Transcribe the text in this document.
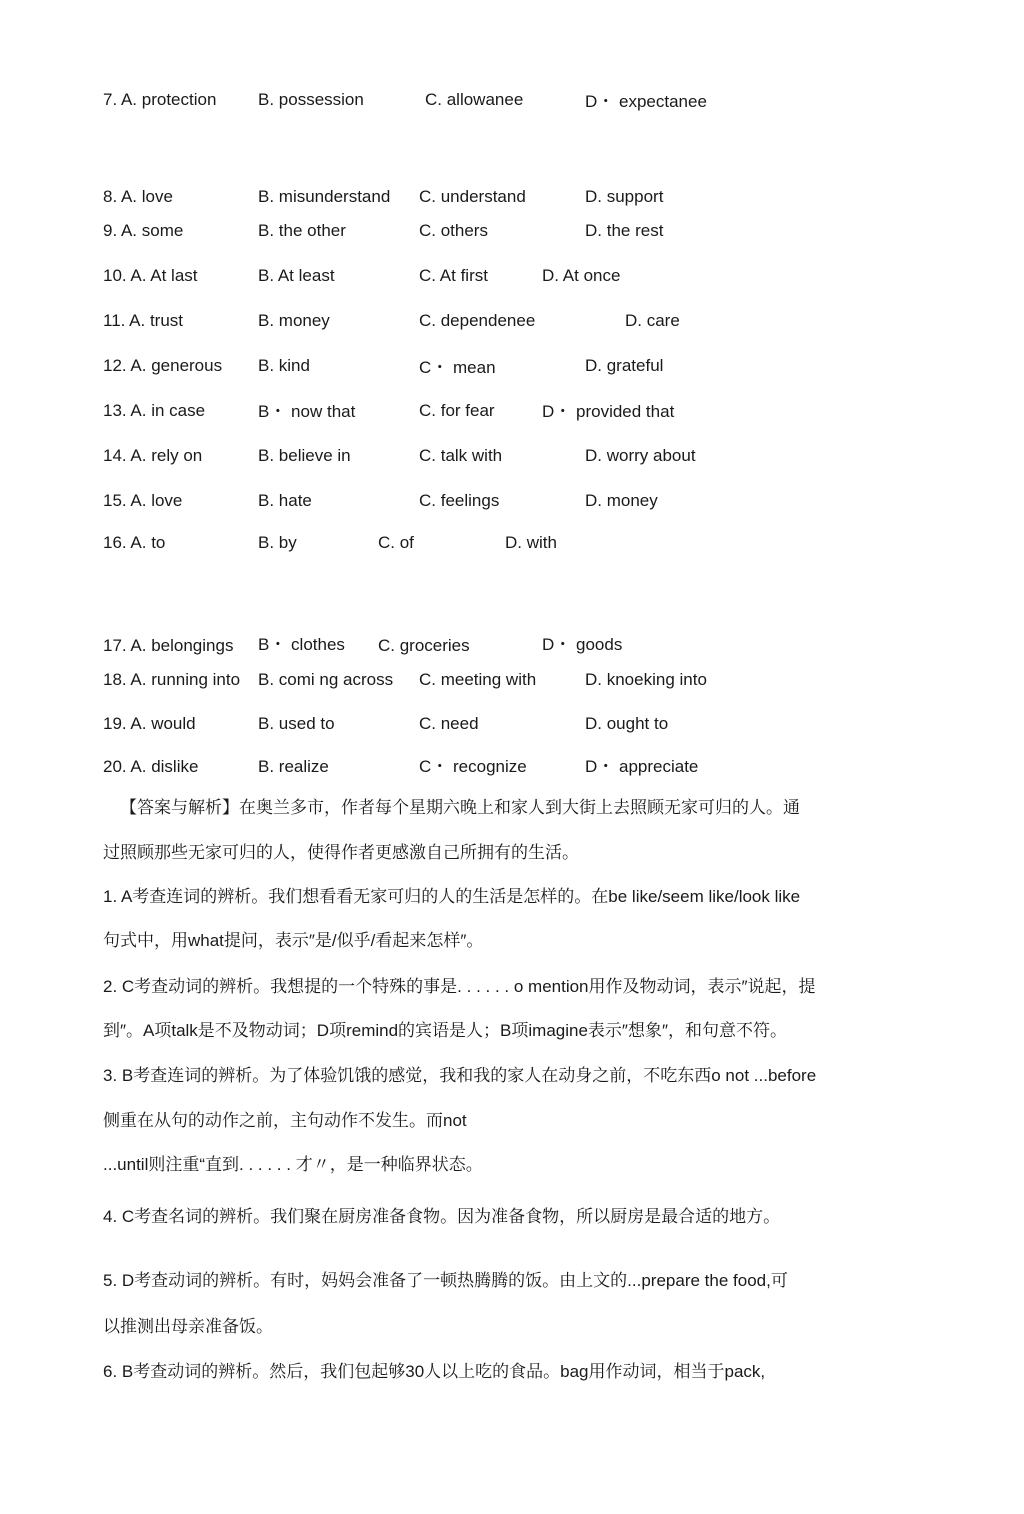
7. A. protection B. possession	C. allowanee	D・ expectanee
8. A. love	B. misunderstand C. understand	D. support
9. A. some	B. the other	C. others	D. the rest
10. A. At last	B. At least	C. At first	D. At once
11. A. trust	B. money	C. dependenee	D. care
12. A. generous B. kind	C・ mean	D. grateful
13. A. in case	B・ now that	C. for fear	D・ provided that
14. A. rely on	B. believe in	C. talk with	D. worry about
15. A. love	B. hate	C. feelings	D. money
16. A. to	B. by	C. of	D. with
17. A. belongings B・ clothes C. groceries	D・ goods
18. A. running into B. comi ng across C. meeting with	D. knoeking into
19. A. would	B. used to	C. need	D. ought to
20. A. dislike	B. realize	C・ recognize	D・ appreciate
【答案与解析】在奥兰多市，作者每个星期六晚上和家人到大街上去照顾无家可归的人。通
过照顾那些无家可归的人，使得作者更感激自己所拥有的生活。
1. A考查连词的辨析。我们想看看无家可归的人的生活是怎样的。在be like/seem like/look like
句式中，用what提问，表示″是/似乎/看起来怎样″。
2. C考查动词的辨析。我想提的一个特殊的事是. . . . . . o mention用作及物动词，表示″说起，提
到″。A项talk是不及物动词；D项remind的宾语是人；B项imagine表示″想象″，和句意不符。
3. B考查连词的辨析。为了体验饥饿的感觉，我和我的家人在动身之前，不吃东西o not ...before
侧重在从句的动作之前，主句动作不发生。而not
...until则注重“直到. . . . . . 才〃，是一种临界状态。
4. C考查名词的辨析。我们聚在厨房准备食物。因为准备食物，所以厨房是最合适的地方。
5. D考查动词的辨析。有时，妈妈会准备了一顿热腾腾的饭。由上文的...prepare the food,可
以推测出母亲准备饭。
6. B考查动词的辨析。然后，我们包起够30人以上吃的食品。bag用作动词，相当于pack,
